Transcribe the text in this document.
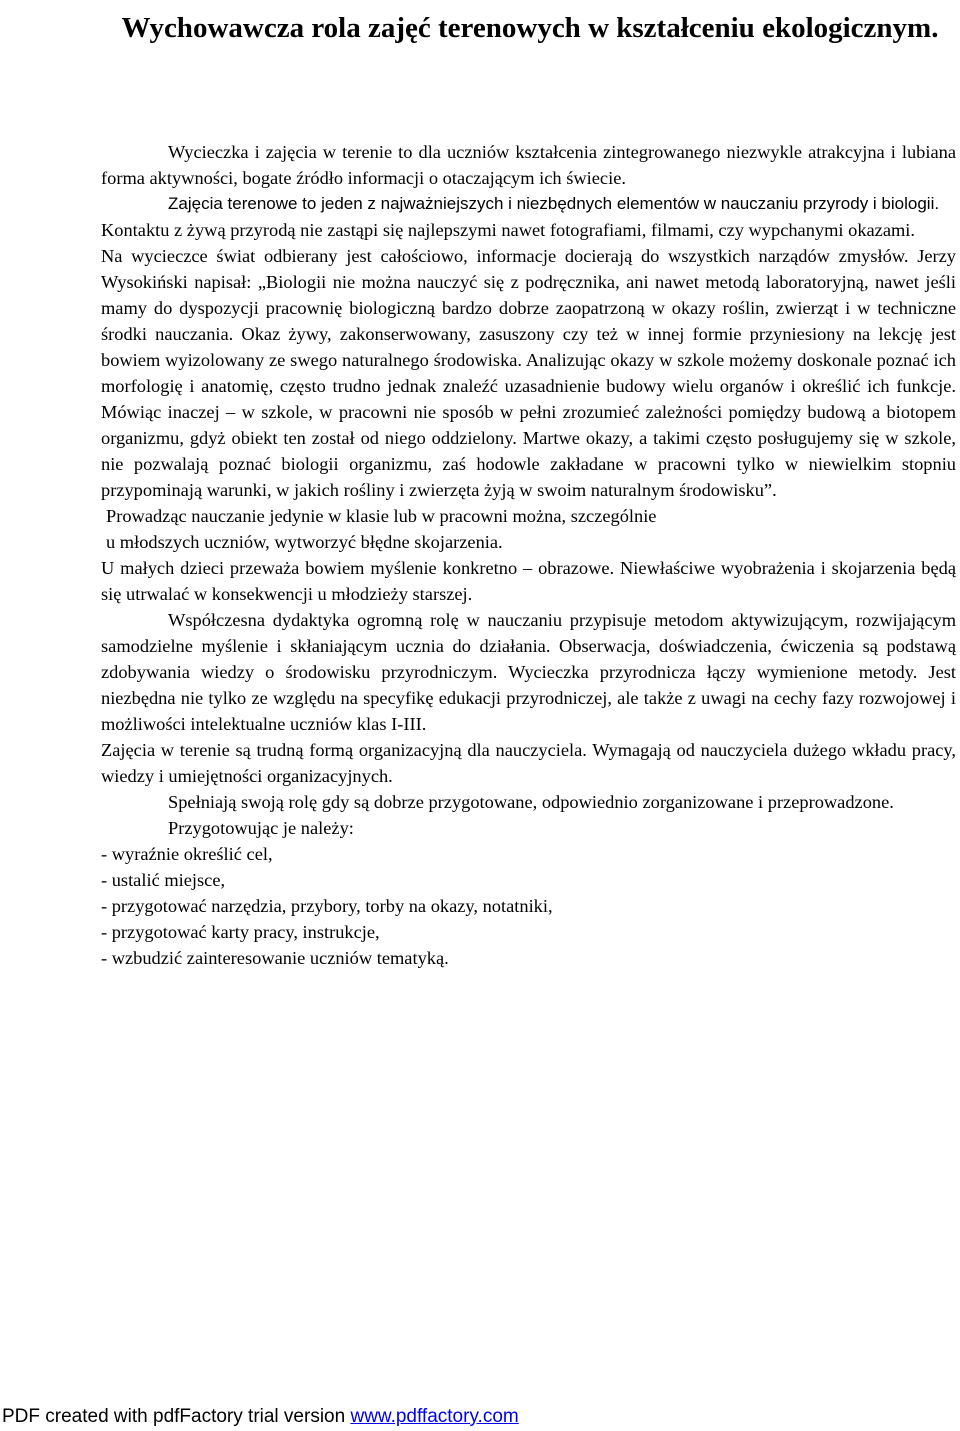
Wychowawcza rola zajęć terenowych w kształceniu ekologicznym.

Wycieczka i zajęcia w terenie to dla uczniów kształcenia zintegrowanego niezwykle atrakcyjna i lubiana forma aktywności, bogate źródło informacji o otaczającym ich świecie.

Zajęcia terenowe to jeden z najważniejszych i niezbędnych elementów w nauczaniu przyrody i biologii.

Kontaktu z żywą przyrodą nie zastąpi się najlepszymi nawet fotografiami, filmami, czy wypchanymi okazami.

Na wycieczce świat odbierany jest całościowo, informacje docierają do wszystkich narządów zmysłów. Jerzy Wysokiński napisał: „Biologii nie można nauczyć się z podręcznika, ani nawet metodą laboratoryjną, nawet jeśli mamy do dyspozycji pracownię biologiczną bardzo dobrze zaopatrzoną w okazy roślin, zwierząt i w techniczne środki nauczania. Okaz żywy, zakonserwowany, zasuszony czy też w innej formie przyniesiony na lekcję jest bowiem wyizolowany ze swego naturalnego środowiska. Analizując okazy w szkole możemy doskonale poznać ich morfologię i anatomię, często trudno jednak znaleźć uzasadnienie budowy wielu organów i określić ich funkcje. Mówiąc inaczej – w szkole, w pracowni nie sposób w pełni zrozumieć zależności pomiędzy budową a biotopem organizmu, gdyż obiekt ten został od niego oddzielony. Martwe okazy, a takimi często posługujemy się w szkole, nie pozwalają poznać biologii organizmu, zaś hodowle zakładane w pracowni tylko w niewielkim stopniu przypominają warunki, w jakich rośliny i zwierzęta żyją w swoim naturalnym środowisku”.

Prowadząc nauczanie jedynie w klasie lub w pracowni można, szczególnie

u młodszych uczniów, wytworzyć błędne skojarzenia.

U małych dzieci przeważa bowiem myślenie konkretno – obrazowe. Niewłaściwe wyobrażenia i skojarzenia będą się utrwalać w konsekwencji u młodzieży starszej.

Współczesna dydaktyka ogromną rolę w nauczaniu przypisuje metodom aktywizującym, rozwijającym samodzielne myślenie i skłaniającym ucznia do działania. Obserwacja, doświadczenia, ćwiczenia są podstawą zdobywania wiedzy o środowisku przyrodniczym. Wycieczka przyrodnicza łączy wymienione metody. Jest niezbędna nie tylko ze względu na specyfikę edukacji przyrodniczej, ale także z uwagi na cechy fazy rozwojowej i możliwości intelektualne uczniów klas I-III.

Zajęcia w terenie są trudną formą organizacyjną dla nauczyciela. Wymagają od nauczyciela dużego wkładu pracy, wiedzy i umiejętności organizacyjnych.

Spełniają swoją rolę gdy są dobrze przygotowane, odpowiednio zorganizowane i przeprowadzone.

Przygotowując je należy:

- wyraźnie określić cel,
- ustalić miejsce,
- przygotować narzędzia, przybory, torby na okazy, notatniki,
- przygotować karty pracy, instrukcje,
- wzbudzić zainteresowanie uczniów tematyką.
PDF created with pdfFactory trial version www.pdffactory.com
